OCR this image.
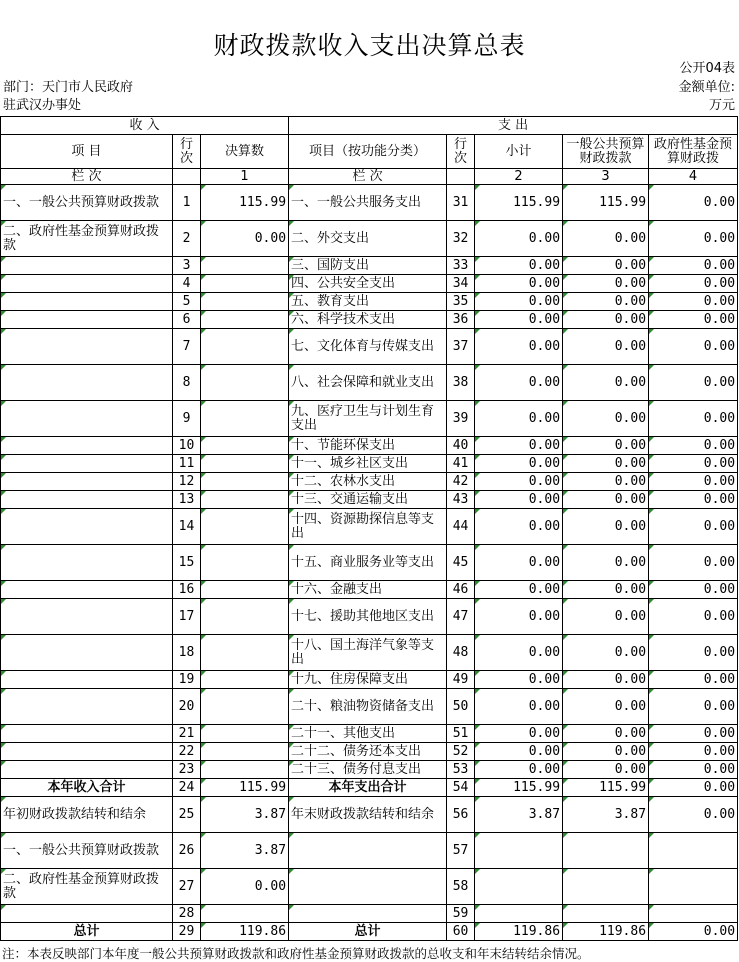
财政拨款收入支出决算总表
公开04表
部门：天门市人民政府	金额单位:
驻武汉办事处	万元
收 入			支 出				
项 目	行次	决算数	项目（按功能分类）	行次	小计	一般公共预算财政拨款	政府性基金预算财政拨
栏 次		1	栏 次		2	3	4
一、一般公共预算财政拨款	1	115.99	一、一般公共服务支出	31	115.99	115.99	0.00
二、政府性基金预算财政拨款	2	0.00	二、外交支出	32	0.00	0.00	0.00
	3		三、国防支出	33	0.00	0.00	0.00
	4		四、公共安全支出	34	0.00	0.00	0.00
	5		五、教育支出	35	0.00	0.00	0.00
	6		六、科学技术支出	36	0.00	0.00	0.00
	7		七、文化体育与传媒支出	37	0.00	0.00	0.00
	8		八、社会保障和就业支出	38	0.00	0.00	0.00
	9		九、医疗卫生与计划生育支出	39	0.00	0.00	0.00
	10		十、节能环保支出	40	0.00	0.00	0.00
	11		十一、城乡社区支出	41	0.00	0.00	0.00
	12		十二、农林水支出	42	0.00	0.00	0.00
	13		十三、交通运输支出	43	0.00	0.00	0.00
	14		十四、资源勘探信息等支出	44	0.00	0.00	0.00
	15		十五、商业服务业等支出	45	0.00	0.00	0.00
	16		十六、金融支出	46	0.00	0.00	0.00
	17		十七、援助其他地区支出	47	0.00	0.00	0.00
	18		十八、国土海洋气象等支出	48	0.00	0.00	0.00
	19		十九、住房保障支出	49	0.00	0.00	0.00
	20		二十、粮油物资储备支出	50	0.00	0.00	0.00
	21		二十一、其他支出	51	0.00	0.00	0.00
	22		二十二、债务还本支出	52	0.00	0.00	0.00
	23		二十三、债务付息支出	53	0.00	0.00	0.00
本年收入合计	24	115.99	本年支出合计	54	115.99	115.99	0.00
年初财政拨款结转和结余	25	3.87	年末财政拨款结转和结余	56	3.87	3.87	0.00
一、一般公共预算财政拨款	26	3.87		57			
二、政府性基金预算财政拨款	27	0.00		58			
	28			59			
总计	29	119.86	总计	60	119.86	119.86	0.00
注：本表反映部门本年度一般公共预算财政拨款和政府性基金预算财政拨款的总收支和年末结转结余情况。
